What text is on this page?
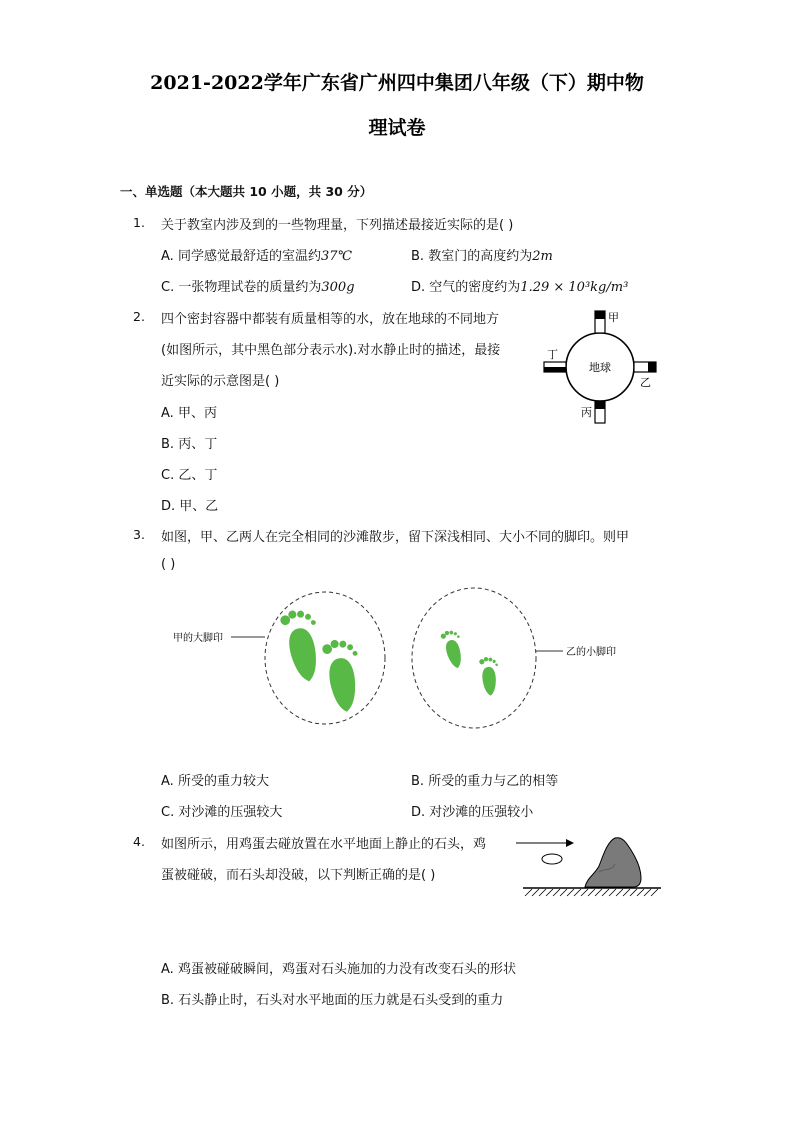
2021-2022学年广东省广州四中集团八年级（下）期中物
理试卷
一、单选题（本大题共 10 小题，共 30 分）
1. 关于教室内涉及到的一些物理量，下列描述最接近实际的是( )
A. 同学感觉最舒适的室温约37℃	B. 教室门的高度约为2m
C. 一张物理试卷的质量约为300g	D. 空气的密度约为1.29 × 10³kg/m³
2. 四个密封容器中都装有质量相等的水，放在地球的不同地方
(如图所示，其中黑色部分表示水).对水静止时的描述，最接
近实际的示意图是( )
A. 甲、丙
B. 丙、丁
C. 乙、丁
D. 甲、乙
地球
甲
乙
丙
丁
3. 如图，甲、乙两人在完全相同的沙滩散步，留下深浅相同、大小不同的脚印。则甲
( )
甲的大脚印
乙的小脚印
A. 所受的重力较大	B. 所受的重力与乙的相等
C. 对沙滩的压强较大	D. 对沙滩的压强较小
4. 如图所示，用鸡蛋去碰放置在水平地面上静止的石头，鸡
蛋被碰破，而石头却没破，以下判断正确的是( )
A. 鸡蛋被碰破瞬间，鸡蛋对石头施加的力没有改变石头的形状
B. 石头静止时，石头对水平地面的压力就是石头受到的重力
